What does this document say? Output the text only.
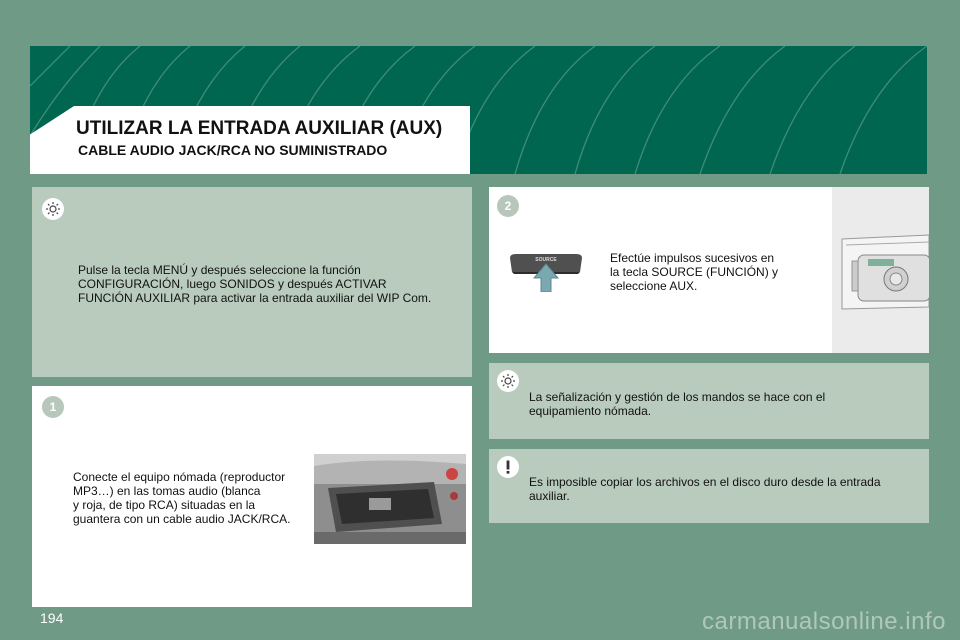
UTILIZAR LA ENTRADA AUXILIAR (AUX)
CABLE AUDIO JACK/RCA NO SUMINISTRADO
Pulse la tecla MENÚ y después seleccione la función
CONFIGURACIÓN, luego SONIDOS y después ACTIVAR
FUNCIÓN AUXILIAR para activar la entrada auxiliar del WIP Com.
1
Conecte el equipo nómada (reproductor
MP3…) en las tomas audio (blanca
y roja, de tipo RCA) situadas en la
guantera con un cable audio JACK/RCA.
2
SOURCE	Efectúe impulsos sucesivos en
la tecla SOURCE (FUNCIÓN) y
seleccione AUX.
La señalización y gestión de los mandos se hace con el
equipamiento nómada.
Es imposible copiar los archivos en el disco duro desde la entrada
auxiliar.
194	carmanualsonline.info
